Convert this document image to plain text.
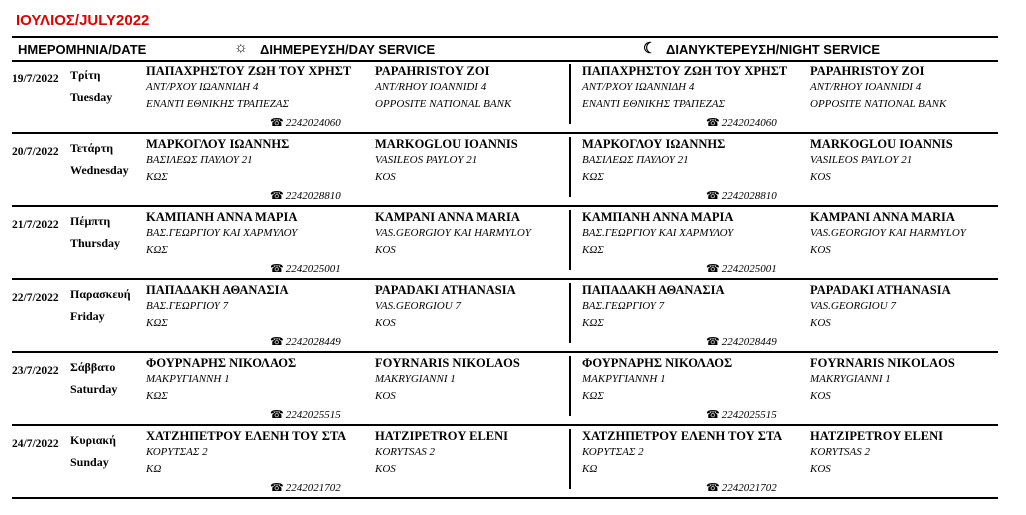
ΙΟΥΛΙΟΣ/JULY2022
ΗΜΕΡΟΜΗΝΙΑ/DATE	☼ ΔΙΗΜΕΡΕΥΣΗ/DAY SERVICE	☾ ΔΙΑΝΥΚΤΕΡΕΥΣΗ/NIGHT SERVICE
19/7/2022 Τρίτη
Tuesday
ΠΑΠΑΧΡΗΣΤΟΥ ΖΩΗ ΤΟΥ ΧΡΗΣΤ
ΑΝΤ/ΡΧΟΥ ΙΩΑΝΝΙΔΗ 4
ΕΝΑΝΤΙ ΕΘΝΙΚΗΣ ΤΡΑΠΕΖΑΣ
PAPAHRISTOY ZOI
ANT/RHOY IOANNIDI 4
OPPOSITE NATIONAL BANK
☎ 2242024060
ΠΑΠΑΧΡΗΣΤΟΥ ΖΩΗ ΤΟΥ ΧΡΗΣΤ
ΑΝΤ/ΡΧΟΥ ΙΩΑΝΝΙΔΗ 4
ΕΝΑΝΤΙ ΕΘΝΙΚΗΣ ΤΡΑΠΕΖΑΣ
PAPAHRISTOY ZOI
ANT/RHOY IOANNIDI 4
OPPOSITE NATIONAL BANK
☎ 2242024060
20/7/2022 Τετάρτη
Wednesday
ΜΑΡΚΟΓΛΟΥ ΙΩΑΝΝΗΣ
ΒΑΣΙΛΕΩΣ ΠΑΥΛΟΥ 21
ΚΩΣ
MARKOGLOU IOANNIS
VASILEOS PAYLOY 21
KOS
☎ 2242028810
ΜΑΡΚΟΓΛΟΥ ΙΩΑΝΝΗΣ
ΒΑΣΙΛΕΩΣ ΠΑΥΛΟΥ 21
ΚΩΣ
MARKOGLOU IOANNIS
VASILEOS PAYLOY 21
KOS
☎ 2242028810
21/7/2022 Πέμπτη
Thursday
ΚΑΜΠΑΝΗ ΑΝΝΑ ΜΑΡΙΑ
ΒΑΣ.ΓΕΩΡΓΙΟΥ ΚΑΙ ΧΑΡΜΥΛΟΥ
ΚΩΣ
KAMPANI ANNA MARIA
VAS.GEORGIOY KAI HARMYLOY
KOS
☎ 2242025001
ΚΑΜΠΑΝΗ ΑΝΝΑ ΜΑΡΙΑ
ΒΑΣ.ΓΕΩΡΓΙΟΥ ΚΑΙ ΧΑΡΜΥΛΟΥ
ΚΩΣ
KAMPANI ANNA MARIA
VAS.GEORGIOY KAI HARMYLOY
KOS
☎ 2242025001
22/7/2022 Παρασκευή
Friday
ΠΑΠΑΔΑΚΗ ΑΘΑΝΑΣΙΑ
ΒΑΣ.ΓΕΩΡΓΙΟΥ 7
ΚΩΣ
PAPADAKI ATHANASIA
VAS.GEORGIOU 7
KOS
☎ 2242028449
ΠΑΠΑΔΑΚΗ ΑΘΑΝΑΣΙΑ
ΒΑΣ.ΓΕΩΡΓΙΟΥ 7
ΚΩΣ
PAPADAKI ATHANASIA
VAS.GEORGIOU 7
KOS
☎ 2242028449
23/7/2022 Σάββατο
Saturday
ΦΟΥΡΝΑΡΗΣ ΝΙΚΟΛΑΟΣ
ΜΑΚΡΥΓΙΑΝΝΗ 1
ΚΩΣ
FOYRNARIS NIKOLAOS
MAKRYGIANNI 1
KOS
☎ 2242025515
ΦΟΥΡΝΑΡΗΣ ΝΙΚΟΛΑΟΣ
ΜΑΚΡΥΓΙΑΝΝΗ 1
ΚΩΣ
FOYRNARIS NIKOLAOS
MAKRYGIANNI 1
KOS
☎ 2242025515
24/7/2022 Κυριακή
Sunday
ΧΑΤΖΗΠΕΤΡΟΥ ΕΛΕΝΗ ΤΟΥ ΣΤΑ
ΚΟΡΥΤΣΑΣ 2
ΚΩ
HATZIPETROY ELENI
KORYTSAS 2
KOS
☎ 2242021702
ΧΑΤΖΗΠΕΤΡΟΥ ΕΛΕΝΗ ΤΟΥ ΣΤΑ
ΚΟΡΥΤΣΑΣ 2
ΚΩ
HATZIPETROY ELENI
KORYTSAS 2
KOS
☎ 2242021702
